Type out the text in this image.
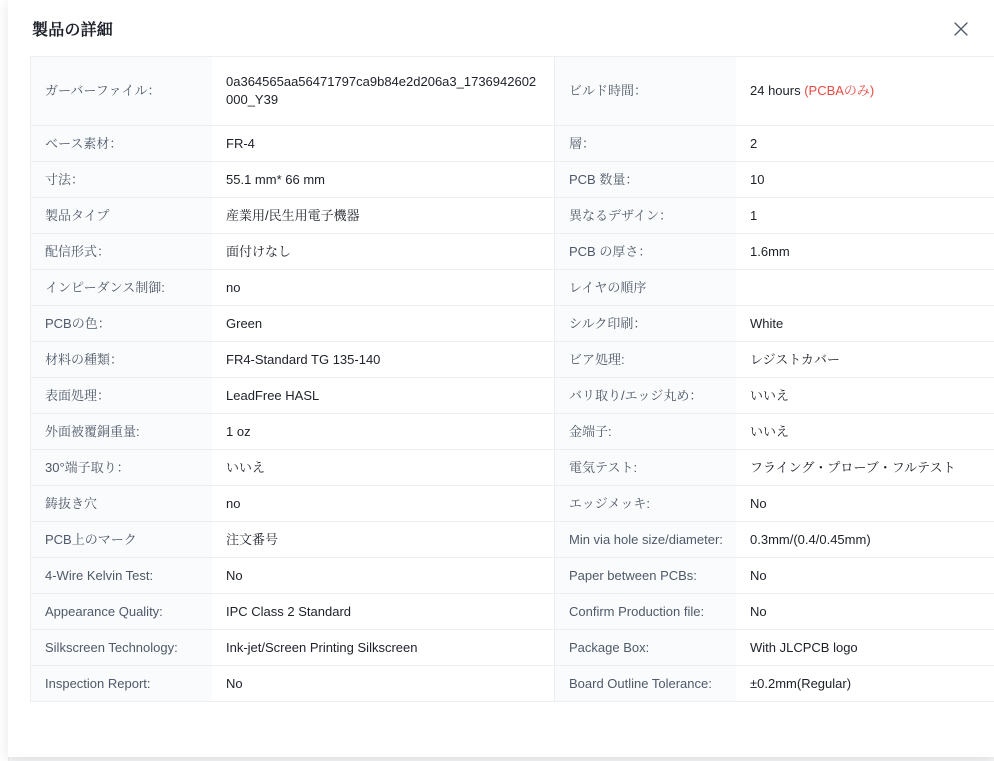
製品の詳細
ガーバーファイル：	0a364565aa56471797ca9b84e2d206a3_1736942602000_Y39	ビルド時間：	24 hours (PCBAのみ)
ベース素材：	FR-4	層：	2
寸法：	55.1 mm* 66 mm	PCB 数量：	10
製品タイプ	産業用/民生用電子機器	異なるデザイン：	1
配信形式：	面付けなし	PCB の厚さ：	1.6mm
インピーダンス制御:	no	レイヤの順序	
PCBの色：	Green	シルク印刷：	White
材料の種類：	FR4-Standard TG 135-140	ビア処理:	レジストカバー
表面処理：	LeadFree HASL	バリ取り/エッジ丸め：	いいえ
外面被覆銅重量:	1 oz	金端子:	いいえ
30°端子取り：	いいえ	電気テスト:	フライング・プローブ・フルテスト
鋳抜き穴	no	エッジメッキ:	No
PCB上のマーク	注文番号	Min via hole size/diameter:	0.3mm/(0.4/0.45mm)
4-Wire Kelvin Test:	No	Paper between PCBs:	No
Appearance Quality:	IPC Class 2 Standard	Confirm Production file:	No
Silkscreen Technology:	Ink-jet/Screen Printing Silkscreen	Package Box:	With JLCPCB logo
Inspection Report:	No	Board Outline Tolerance:	±0.2mm(Regular)
